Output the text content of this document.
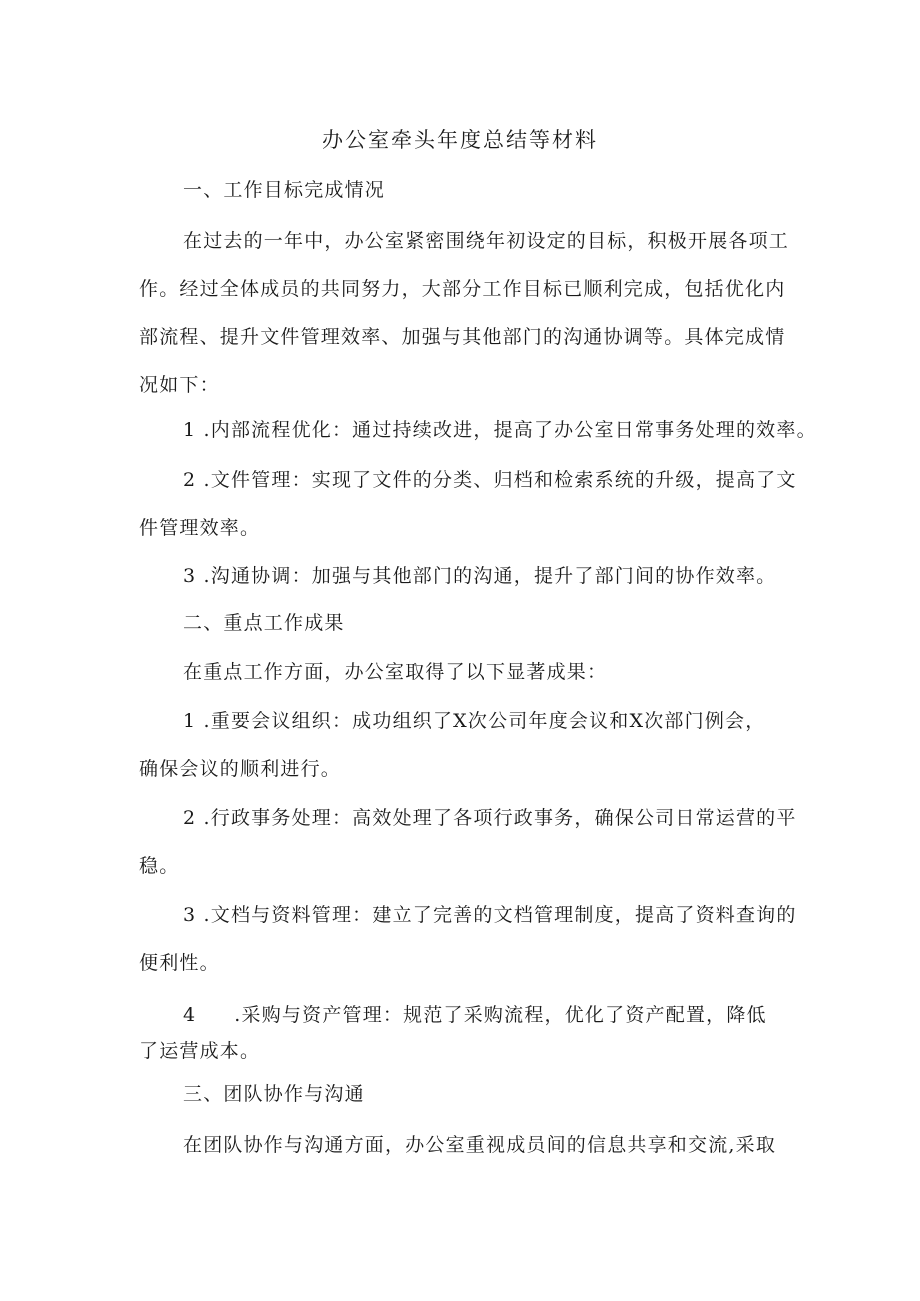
办公室牵头年度总结等材料
一、工作目标完成情况
在过去的一年中，办公室紧密围绕年初设定的目标，积极开展各项工
作。经过全体成员的共同努力，大部分工作目标已顺利完成，包括优化内
部流程、提升文件管理效率、加强与其他部门的沟通协调等。具体完成情
况如下：
1 .内部流程优化：通过持续改进，提高了办公室日常事务处理的效率。
2 .文件管理：实现了文件的分类、归档和检索系统的升级，提高了文
件管理效率。
3 .沟通协调：加强与其他部门的沟通，提升了部门间的协作效率。
二、重点工作成果
在重点工作方面，办公室取得了以下显著成果：
1 .重要会议组织：成功组织了X次公司年度会议和X次部门例会，
确保会议的顺利进行。
2 .行政事务处理：高效处理了各项行政事务，确保公司日常运营的平
稳。
3 .文档与资料管理：建立了完善的文档管理制度，提高了资料查询的
便利性。
4 .采购与资产管理：规范了采购流程，优化了资产配置，降低
了运营成本。
三、团队协作与沟通
在团队协作与沟通方面，办公室重视成员间的信息共享和交流,采取
